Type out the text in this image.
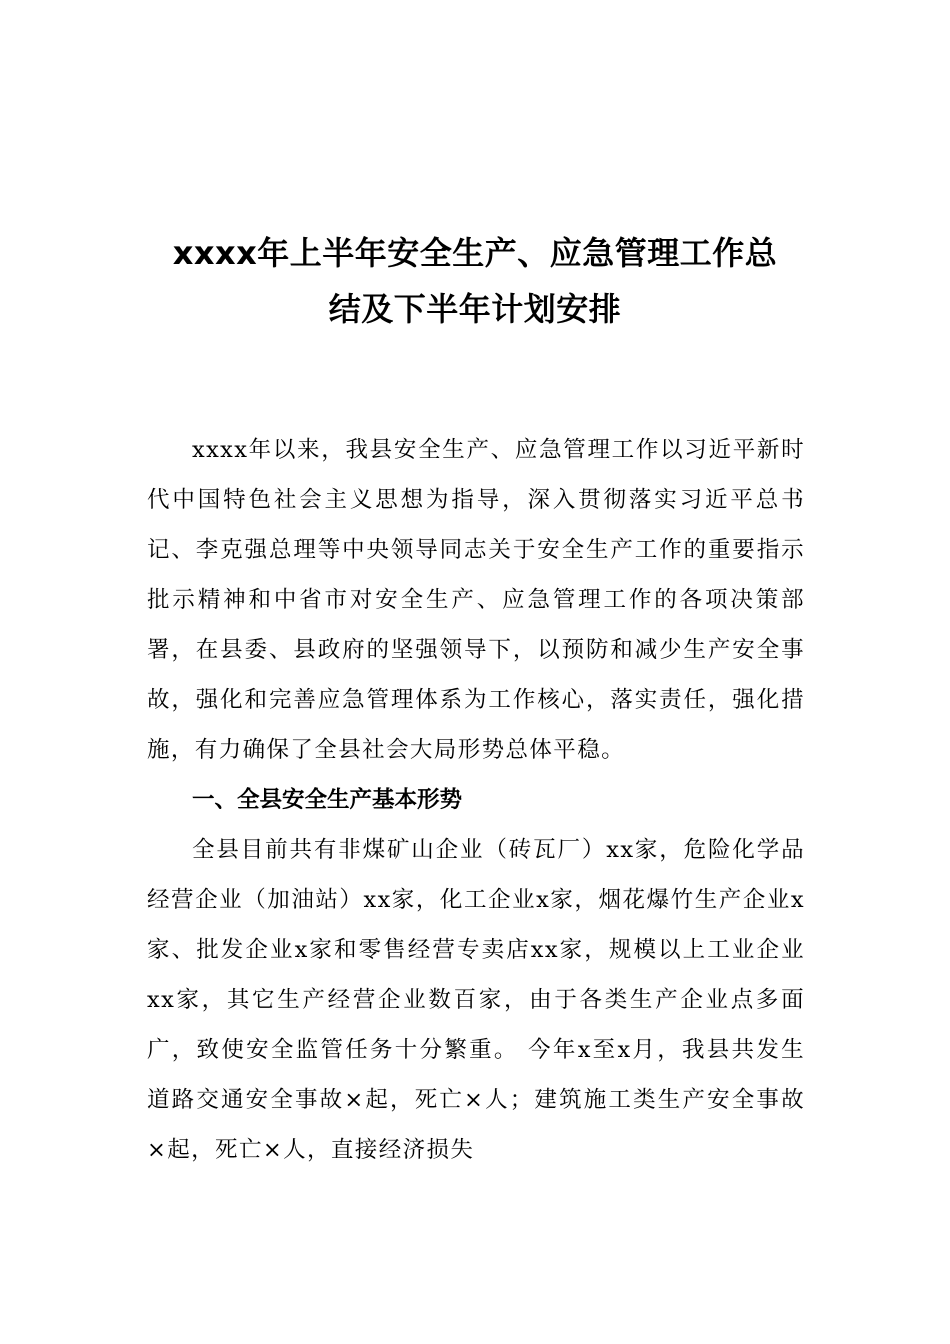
xxxx年上半年安全生产、应急管理工作总
结及下半年计划安排

xxxx年以来，我县安全生产、应急管理工作以习近平新时代中国特色社会主义思想为指导，深入贯彻落实习近平总书记、李克强总理等中央领导同志关于安全生产工作的重要指示批示精神和中省市对安全生产、应急管理工作的各项决策部署，在县委、县政府的坚强领导下，以预防和减少生产安全事故，强化和完善应急管理体系为工作核心，落实责任，强化措施，有力确保了全县社会大局形势总体平稳。

一、全县安全生产基本形势

全县目前共有非煤矿山企业（砖瓦厂）xx家，危险化学品经营企业（加油站）xx家，化工企业x家，烟花爆竹生产企业x家、批发企业x家和零售经营专卖店xx家，规模以上工业企业xx家，其它生产经营企业数百家，由于各类生产企业点多面广，致使安全监管任务十分繁重。 今年x至x月，我县共发生道路交通安全事故×起，死亡×人；建筑施工类生产安全事故×起，死亡×人，直接经济损失
